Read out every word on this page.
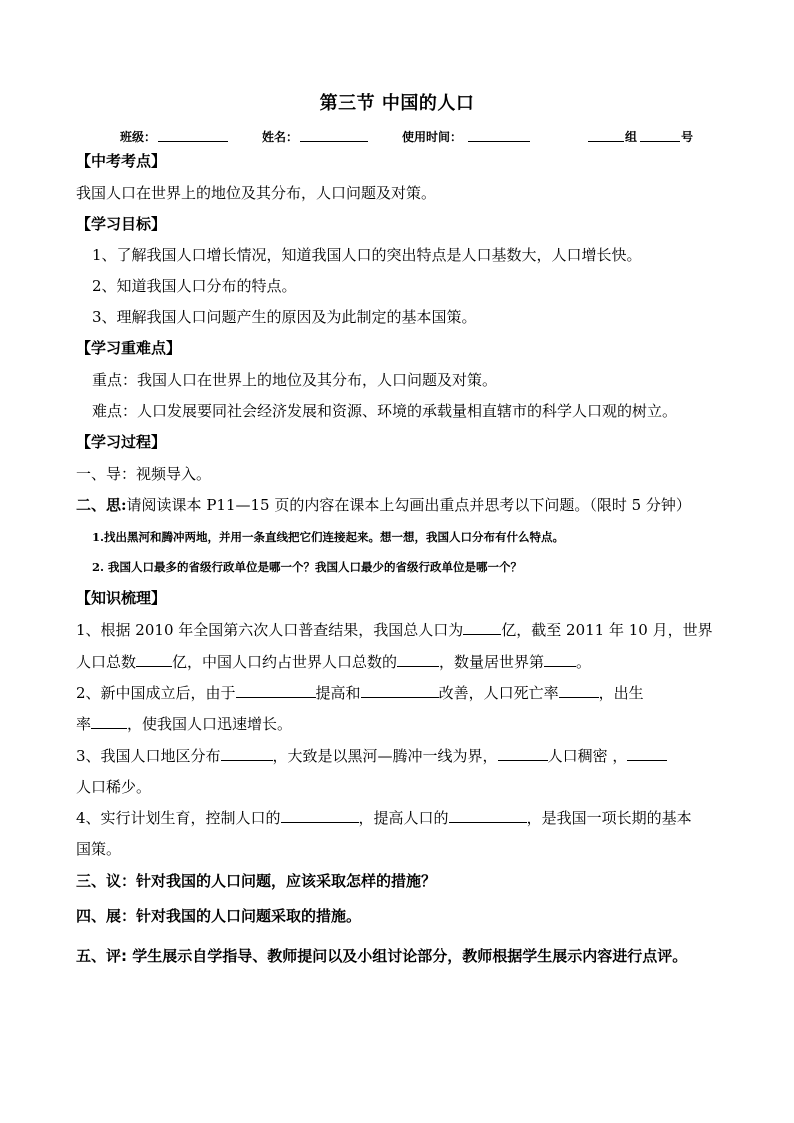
第三节 中国的人口
班级：	姓名：	使用时间：	组	号
【中考考点】
我国人口在世界上的地位及其分布，人口问题及对策。
【学习目标】
1、了解我国人口增长情况，知道我国人口的突出特点是人口基数大，人口增长快。
2、知道我国人口分布的特点。
3、理解我国人口问题产生的原因及为此制定的基本国策。
【学习重难点】
重点：我国人口在世界上的地位及其分布，人口问题及对策。
难点：人口发展要同社会经济发展和资源、环境的承载量相直辖市的科学人口观的树立。
【学习过程】
一、导：视频导入。
二、思:请阅读课本 P11—15 页的内容在课本上勾画出重点并思考以下问题。（限时 5 分钟）
1.找出黑河和腾冲两地，并用一条直线把它们连接起来。想一想，我国人口分布有什么特点。
2. 我国人口最多的省级行政单位是哪一个？我国人口最少的省级行政单位是哪一个？
【知识梳理】
1、根据 2010 年全国第六次人口普查结果，我国总人口为	亿，截至 2011 年 10 月，世界
人口总数 亿，中国人口约占世界人口总数的	，数量居世界第 。
2、新中国成立后，由于	提高和	改善，人口死亡率	，出生
率 ，使我国人口迅速增长。
3、我国人口地区分布	，大致是以黑河—腾冲一线为界，	人口稠密 ，
人口稀少。
4、实行计划生育，控制人口的	，提高人口的	，是我国一项长期的基本
国策。
三、议：针对我国的人口问题，应该采取怎样的措施？
四、展：针对我国的人口问题采取的措施。
五、评: 学生展示自学指导、教师提问以及小组讨论部分，教师根据学生展示内容进行点评。
